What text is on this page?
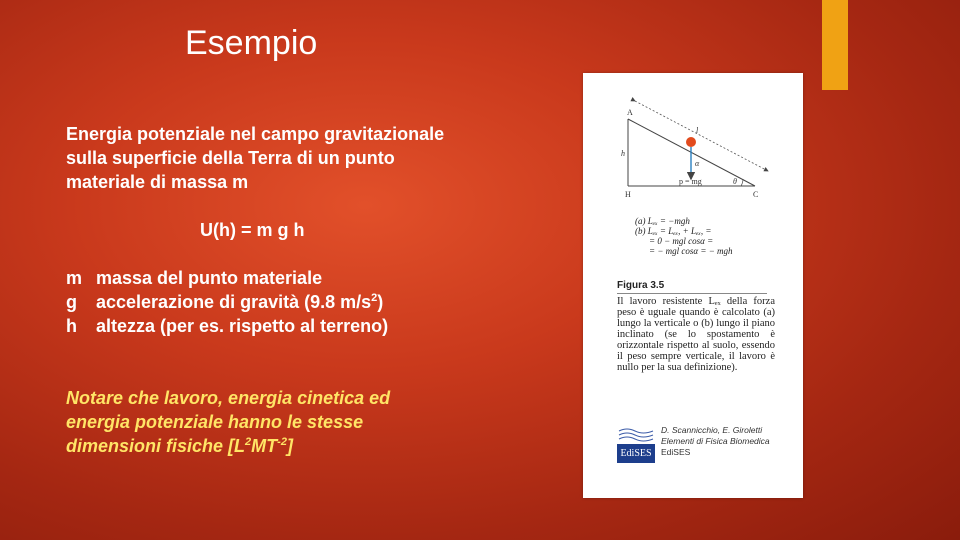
Esempio

Energia potenziale nel campo gravitazionale sulla superficie della Terra di un punto materiale di massa m

U(h) = m g h
m massa del punto materiale
g	accelerazione di gravità (9.8 $m/s^2$)
h	altezza (per es. rispetto al terreno)
Notare che lavoro, energia cinetica ed energia potenziale hanno le stesse dimensioni fisiche $[L^2MT^{-2}]$
A
H	C
h
l
α
θ
p = mg
(a) Lₑₓ = −mgh
(b) Lₑₓ = Lₑₓ, + Lₑₓ, =
= 0 − mgl cosα =
= − mgl cosα = − mgh
Figura 3.5
Il lavoro resistente Lₑₓ della forza peso è uguale quando è calcolato (a) lungo la verticale o (b) lungo il piano inclinato (se lo spostamento è orizzontale rispetto al suolo, essendo il peso sempre verticale, il lavoro è nullo per la sua definizione).
EdiSES
D. Scannicchio, E. Giroletti
Elementi di Fisica Biomedica
EdiSES
